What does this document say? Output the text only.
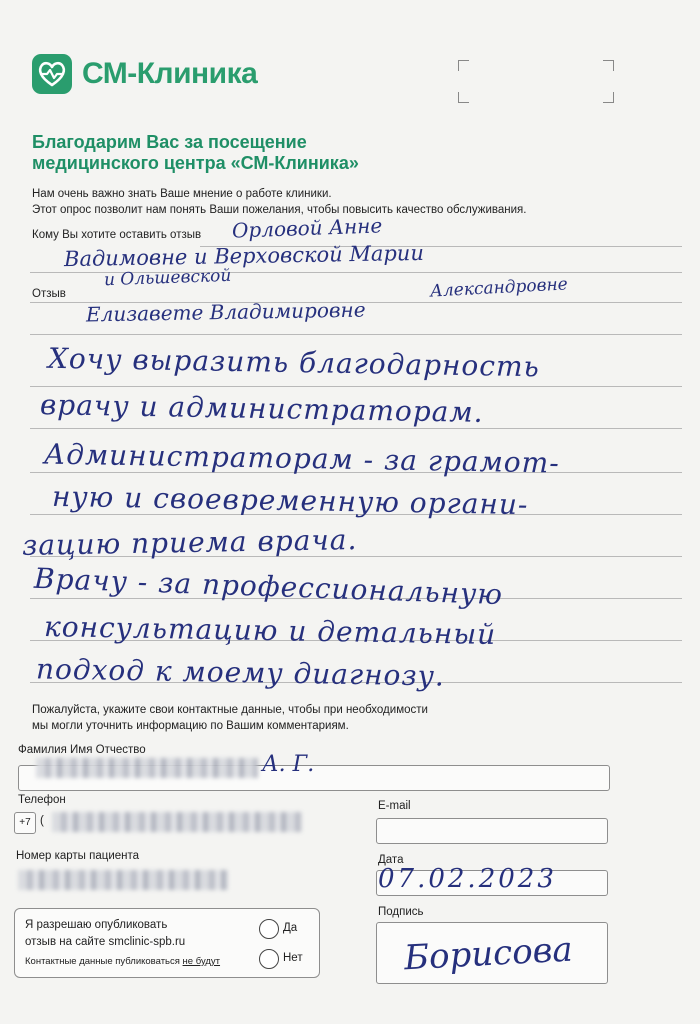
СМ-Клиника
Благодарим Вас за посещение
медицинского центра «СМ-Клиника»
Нам очень важно знать Ваше мнение о работе клиники.
Этот опрос позволит нам понять Ваши пожелания, чтобы повысить качество обслуживания.
Кому Вы хотите оставить отзыв
Отзыв
Орловой Анне
Вадимовне и Верховской Марии
и Ольшевской	Александровне
Елизавете Владимировне
Хочу выразить благодарность
врачу и администраторам.
Администраторам - за грамот-
ную и своевременную органи-
зацию приема врача.
Врачу - за профессиональную
консультацию и детальный
подход к моему диагнозу.
Пожалуйста, укажите свои контактные данные, чтобы при необходимости
мы могли уточнить информацию по Вашим комментариям.
Фамилия Имя Отчество
А. Г.
Телефон
+7 (
E-mail
Номер карты пациента	Дата
07.02.2023
Я разрешаю опубликовать
отзыв на сайте smclinic-spb.ru
Контактные данные публиковаться не будут
Да
Нет
Подпись
Борисова
